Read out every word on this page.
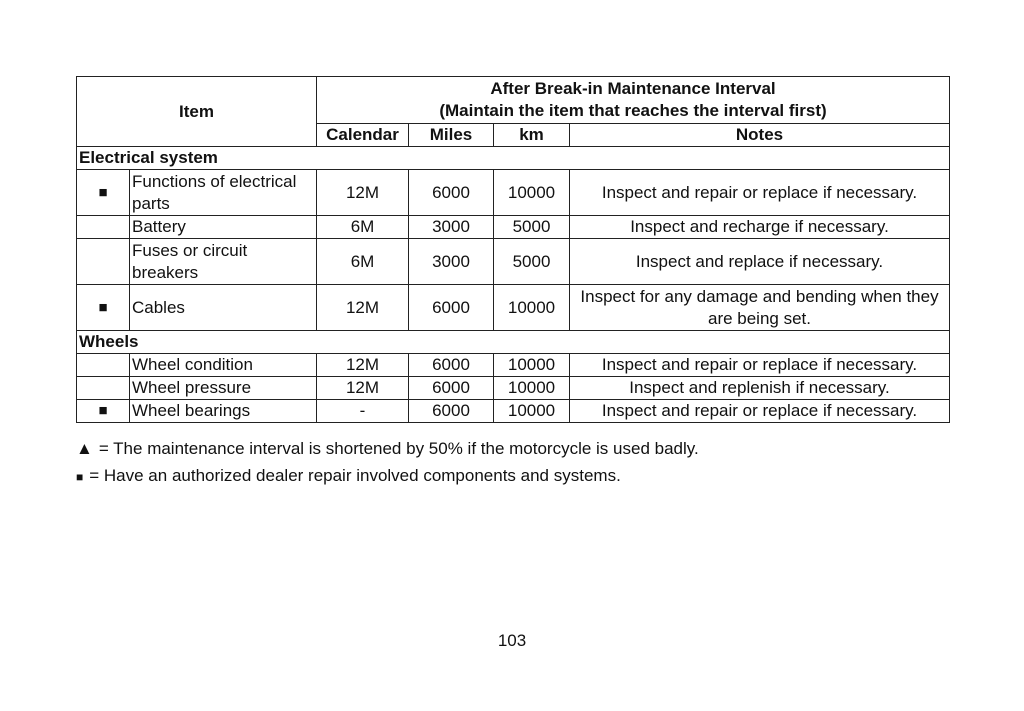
Item		After Break-in Maintenance Interval
(Maintain the item that reaches the interval first)			

		Calendar	Miles	km	Notes
Electrical system					
■	Functions of electrical parts	12M	6000	10000	Inspect and repair or replace if necessary.
	Battery	6M	3000	5000	Inspect and recharge if necessary.
	Fuses or circuit breakers	6M	3000	5000	Inspect and replace if necessary.
■	Cables	12M	6000	10000	Inspect for any damage and bending when they are being set.
Wheels					
	Wheel condition	12M	6000	10000	Inspect and repair or replace if necessary.
	Wheel pressure	12M	6000	10000	Inspect and replenish if necessary.
■	Wheel bearings	-	6000	10000	Inspect and repair or replace if necessary.
▲ = The maintenance interval is shortened by 50% if the motorcycle is used badly.
■ = Have an authorized dealer repair involved components and systems.
103
